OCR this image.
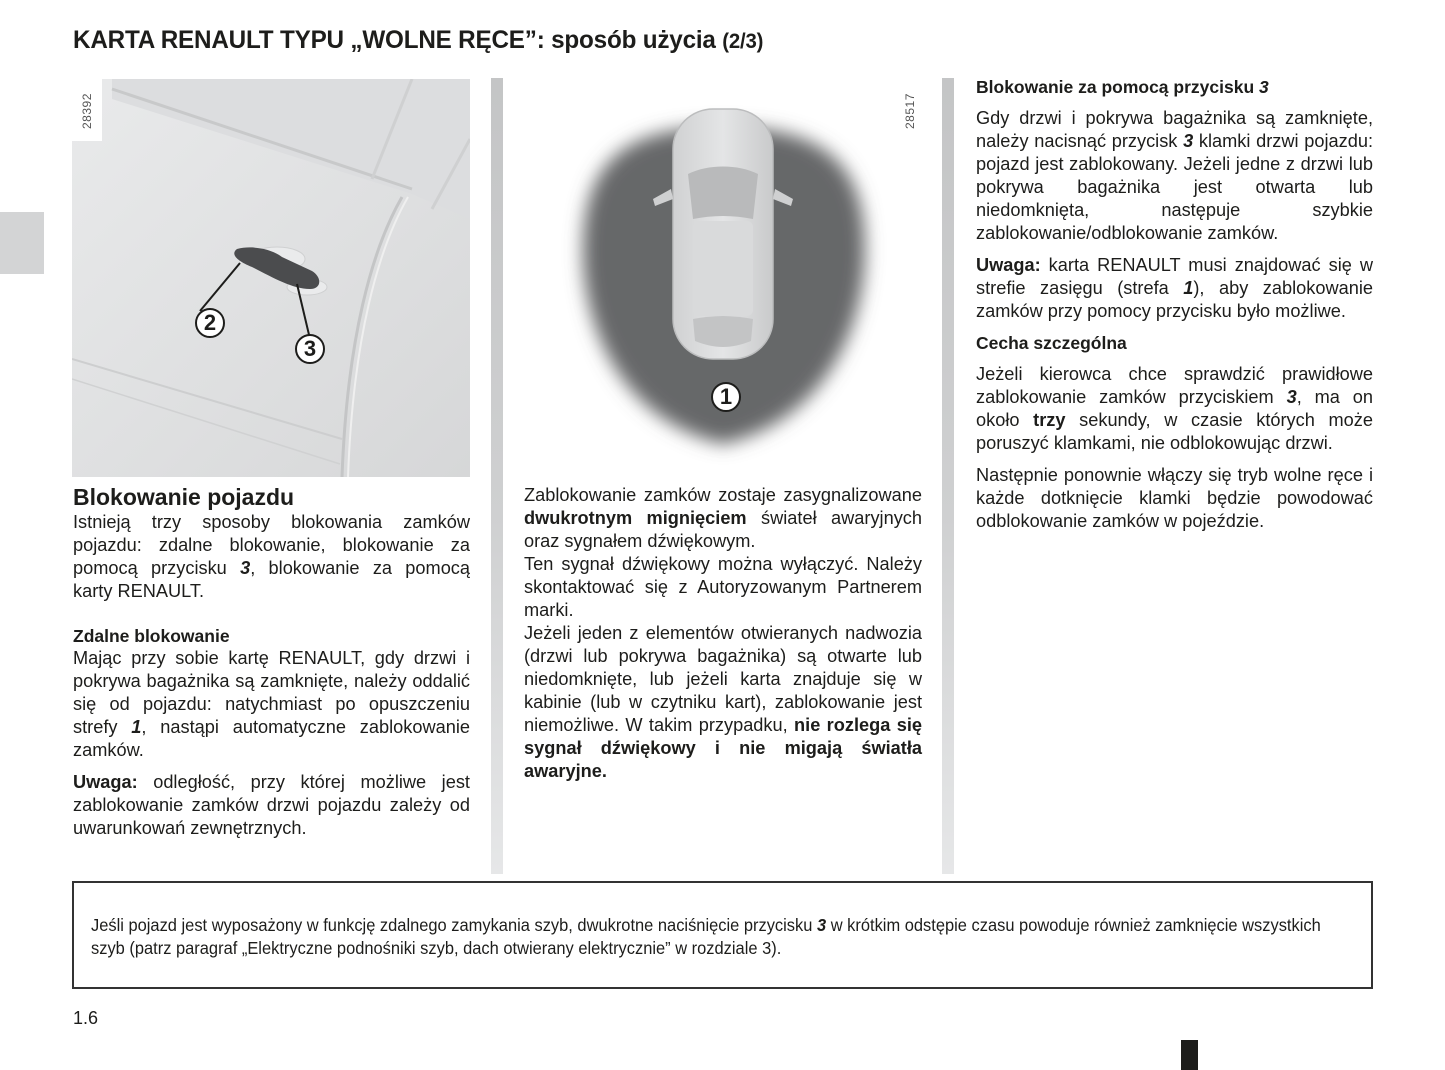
KARTA RENAULT TYPU „WOLNE RĘCE”: sposób użycia (2/3)
28392
2
3
28517
1
Blokowanie pojazdu

Istnieją trzy sposoby blokowania zamków pojazdu: zdalne blokowanie, blokowanie za pomocą przycisku 3, blokowanie za pomocą karty RENAULT.

Zdalne blokowanie

Mając przy sobie kartę RENAULT, gdy drzwi i pokrywa bagażnika są zamknięte, należy oddalić się od pojazdu: natychmiast po opuszczeniu strefy 1, nastąpi automatyczne zablokowanie zamków.

Uwaga: odległość, przy której możliwe jest zablokowanie zamków drzwi pojazdu zależy od uwarunkowań zewnętrznych.

Zablokowanie zamków zostaje zasygnalizowane dwukrotnym mignięciem świateł awaryjnych oraz sygnałem dźwiękowym.

Ten sygnał dźwiękowy można wyłączyć. Należy skontaktować się z Autoryzowanym Partnerem marki.

Jeżeli jeden z elementów otwieranych nadwozia (drzwi lub pokrywa bagażnika) są otwarte lub niedomknięte, lub jeżeli karta znajduje się w kabinie (lub w czytniku kart), zablokowanie jest niemożliwe. W takim przypadku, nie rozlega się sygnał dźwiękowy i nie migają światła awaryjne.

Blokowanie za pomocą przycisku 3

Gdy drzwi i pokrywa bagażnika są zamknięte, należy nacisnąć przycisk 3 klamki drzwi pojazdu: pojazd jest zablokowany. Jeżeli jedne z drzwi lub pokrywa bagażnika jest otwarta lub niedomknięta, następuje szybkie zablokowanie/odblokowanie zamków.

Uwaga: karta RENAULT musi znajdować się w strefie zasięgu (strefa 1), aby zablokowanie zamków przy pomocy przycisku było możliwe.

Cecha szczególna

Jeżeli kierowca chce sprawdzić prawidłowe zablokowanie zamków przyciskiem 3, ma on około trzy sekundy, w czasie których może poruszyć klamkami, nie odblokowując drzwi.

Następnie ponownie włączy się tryb wolne ręce i każde dotknięcie klamki będzie powodować odblokowanie zamków w pojeździe.

Jeśli pojazd jest wyposażony w funkcję zdalnego zamykania szyb, dwukrotne naciśnięcie przycisku 3 w krótkim odstępie czasu powoduje również zamknięcie wszystkich szyb (patrz paragraf „Elektryczne podnośniki szyb, dach otwierany elektrycznie” w rozdziale 3).

1.6
